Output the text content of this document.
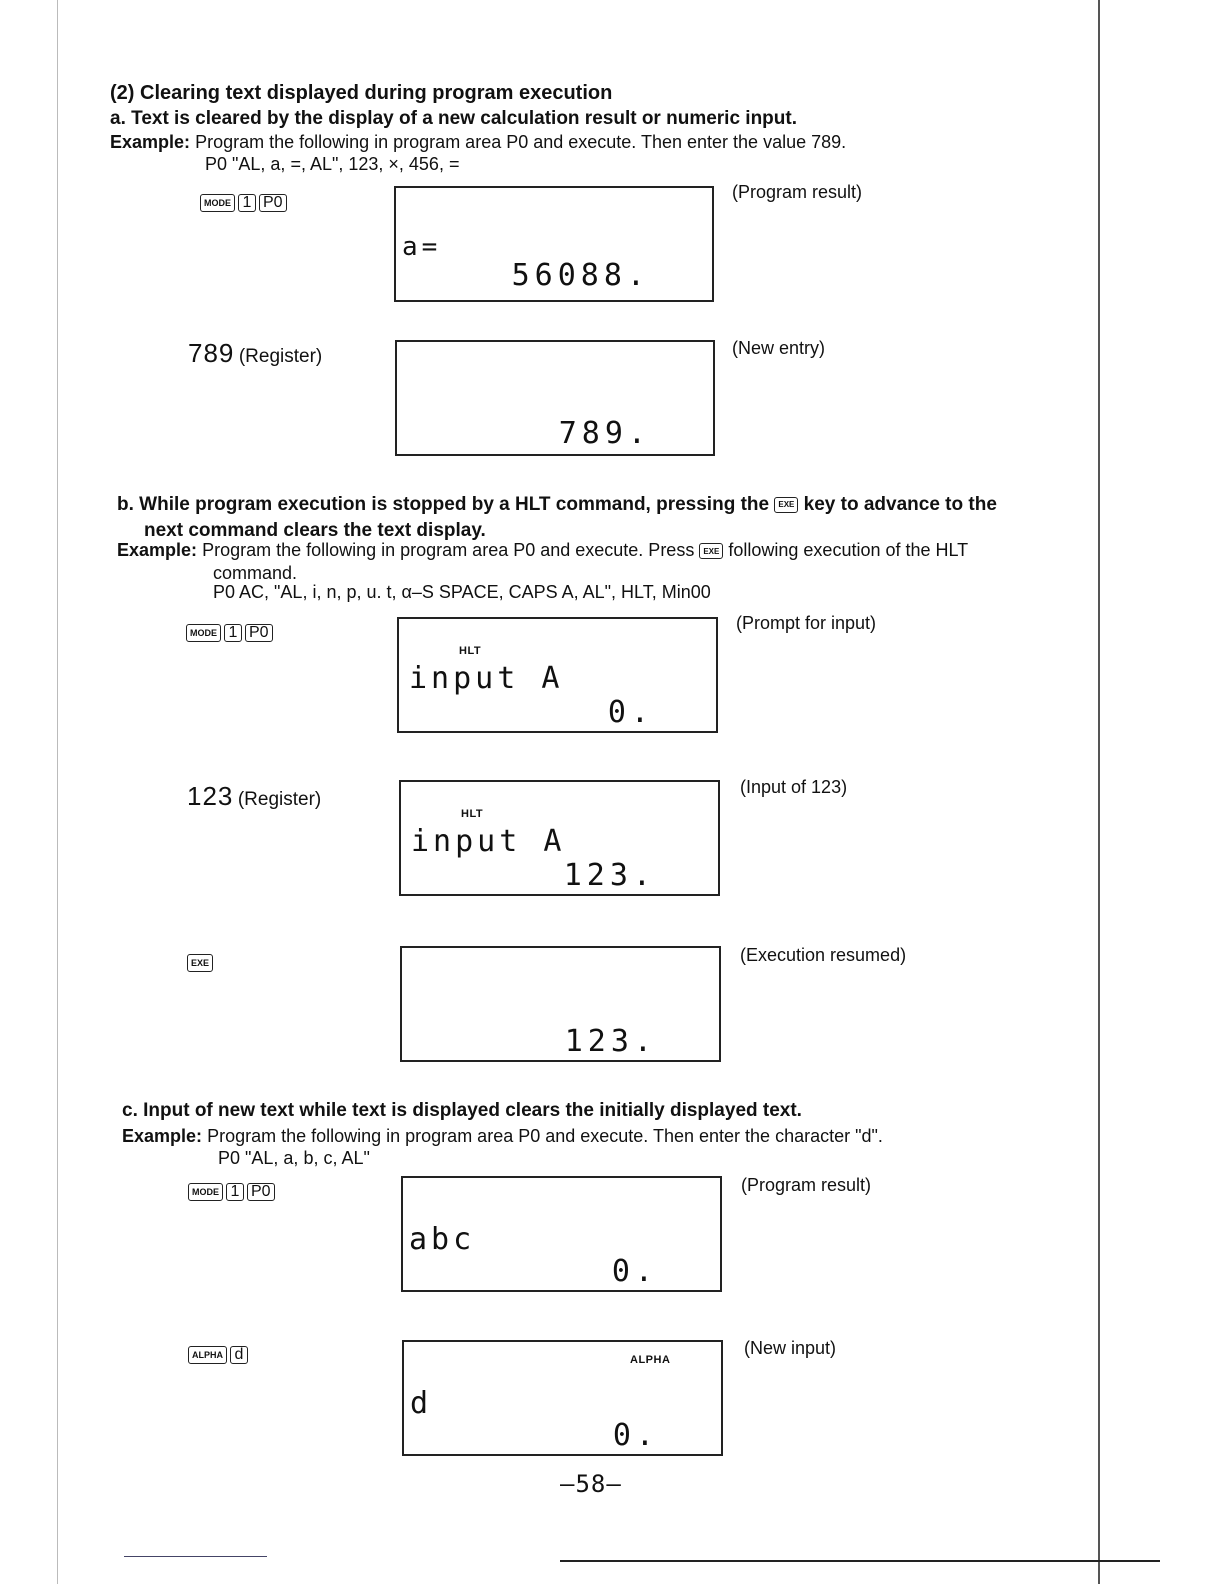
(2) Clearing text displayed during program execution
a. Text is cleared by the display of a new calculation result or numeric input.
Example: Program the following in program area P0 and execute. Then enter the value 789.
P0 "AL, a, =, AL", 123, ×, 456, =
MODE 1 P0
a=
56088.
(Program result)
789 (Register)
789.
(New entry)
b. While program execution is stopped by a HLT command, pressing the EXE key to advance to the
next command clears the text display.
Example: Program the following in program area P0 and execute. Press EXE following execution of the HLT
command.
P0 AC, "AL, i, n, p, u. t, α–S SPACE, CAPS A, AL", HLT, Min00
MODE 1 P0
HLT
input A
0.
(Prompt for input)
123 (Register)
HLT
input A
123.
(Input of 123)
EXE
123.
(Execution resumed)
c. Input of new text while text is displayed clears the initially displayed text.
Example: Program the following in program area P0 and execute. Then enter the character "d".
P0 "AL, a, b, c, AL"
MODE 1 P0
abc
0.
(Program result)
ALPHA d	ALPHA
d
0.
(New input)
–58–
